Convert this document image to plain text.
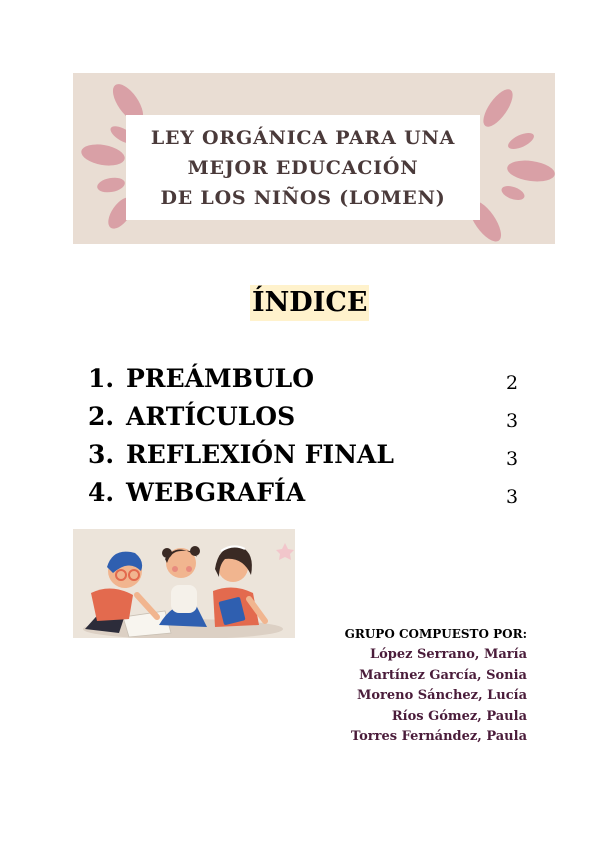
LEY ORGÁNICA PARA UNA
MEJOR EDUCACIÓN
DE LOS NIÑOS (LOMEN)
ÍNDICE
1. PREÁMBULO	2
2. ARTÍCULOS	3
3. REFLEXIÓN FINAL	3
4. WEBGRAFÍA	3
GRUPO COMPUESTO POR:
López Serrano, María
Martínez García, Sonia
Moreno Sánchez, Lucía
Ríos Gómez, Paula
Torres Fernández, Paula
